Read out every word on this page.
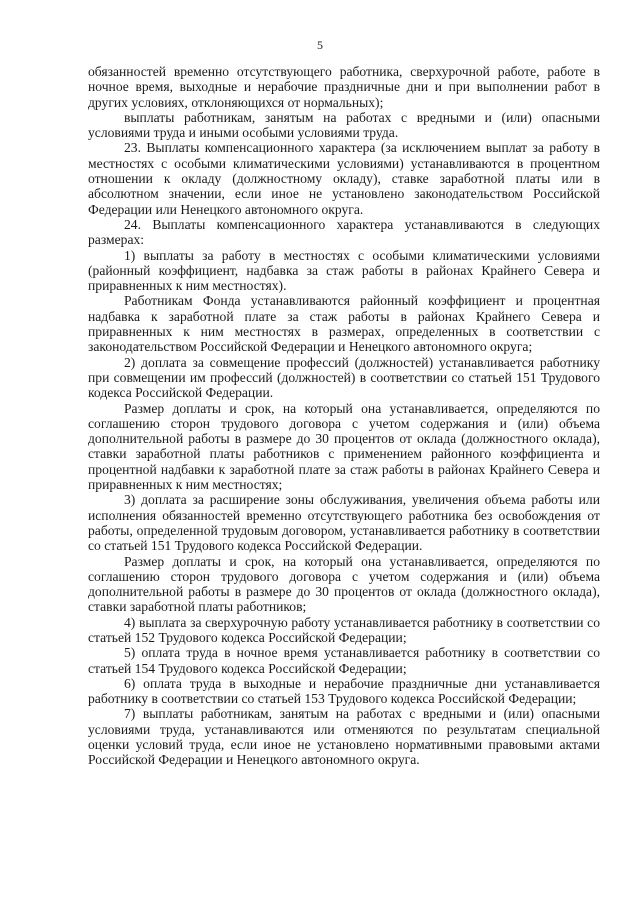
5

обязанностей временно отсутствующего работника, сверхурочной работе, работе в ночное время, выходные и нерабочие праздничные дни и при выполнении работ в других условиях, отклоняющихся от нормальных);

выплаты работникам, занятым на работах с вредными и (или) опасными условиями труда и иными особыми условиями труда.

23. Выплаты компенсационного характера (за исключением выплат за работу в местностях с особыми климатическими условиями) устанавливаются в процентном отношении к окладу (должностному окладу), ставке заработной платы или в абсолютном значении, если иное не установлено законодательством Российской Федерации или Ненецкого автономного округа.

24. Выплаты компенсационного характера устанавливаются в следующих размерах:

1) выплаты за работу в местностях с особыми климатическими условиями (районный коэффициент, надбавка за стаж работы в районах Крайнего Севера и приравненных к ним местностях).

Работникам Фонда устанавливаются районный коэффициент и процентная надбавка к заработной плате за стаж работы в районах Крайнего Севера и приравненных к ним местностях в размерах, определенных в соответствии с законодательством Российской Федерации и Ненецкого автономного округа;

2) доплата за совмещение профессий (должностей) устанавливается работнику при совмещении им профессий (должностей) в соответствии со статьей 151 Трудового кодекса Российской Федерации.

Размер доплаты и срок, на который она устанавливается, определяются по соглашению сторон трудового договора с учетом содержания и (или) объема дополнительной работы в размере до 30 процентов от оклада (должностного оклада), ставки заработной платы работников с применением районного коэффициента и процентной надбавки к заработной плате за стаж работы в районах Крайнего Севера и приравненных к ним местностях;

3) доплата за расширение зоны обслуживания, увеличения объема работы или исполнения обязанностей временно отсутствующего работника без освобождения от работы, определенной трудовым договором, устанавливается работнику в соответствии со статьей 151 Трудового кодекса Российской Федерации.

Размер доплаты и срок, на который она устанавливается, определяются по соглашению сторон трудового договора с учетом содержания и (или) объема дополнительной работы в размере до 30 процентов от оклада (должностного оклада), ставки заработной платы работников;

4) выплата за сверхурочную работу устанавливается работнику в соответствии со статьей 152 Трудового кодекса Российской Федерации;

5) оплата труда в ночное время устанавливается работнику в соответствии со статьей 154 Трудового кодекса Российской Федерации;

6) оплата труда в выходные и нерабочие праздничные дни устанавливается работнику в соответствии со статьей 153 Трудового кодекса Российской Федерации;

7) выплаты работникам, занятым на работах с вредными и (или) опасными условиями труда, устанавливаются или отменяются по результатам специальной оценки условий труда, если иное не установлено нормативными правовыми актами Российской Федерации и Ненецкого автономного округа.
